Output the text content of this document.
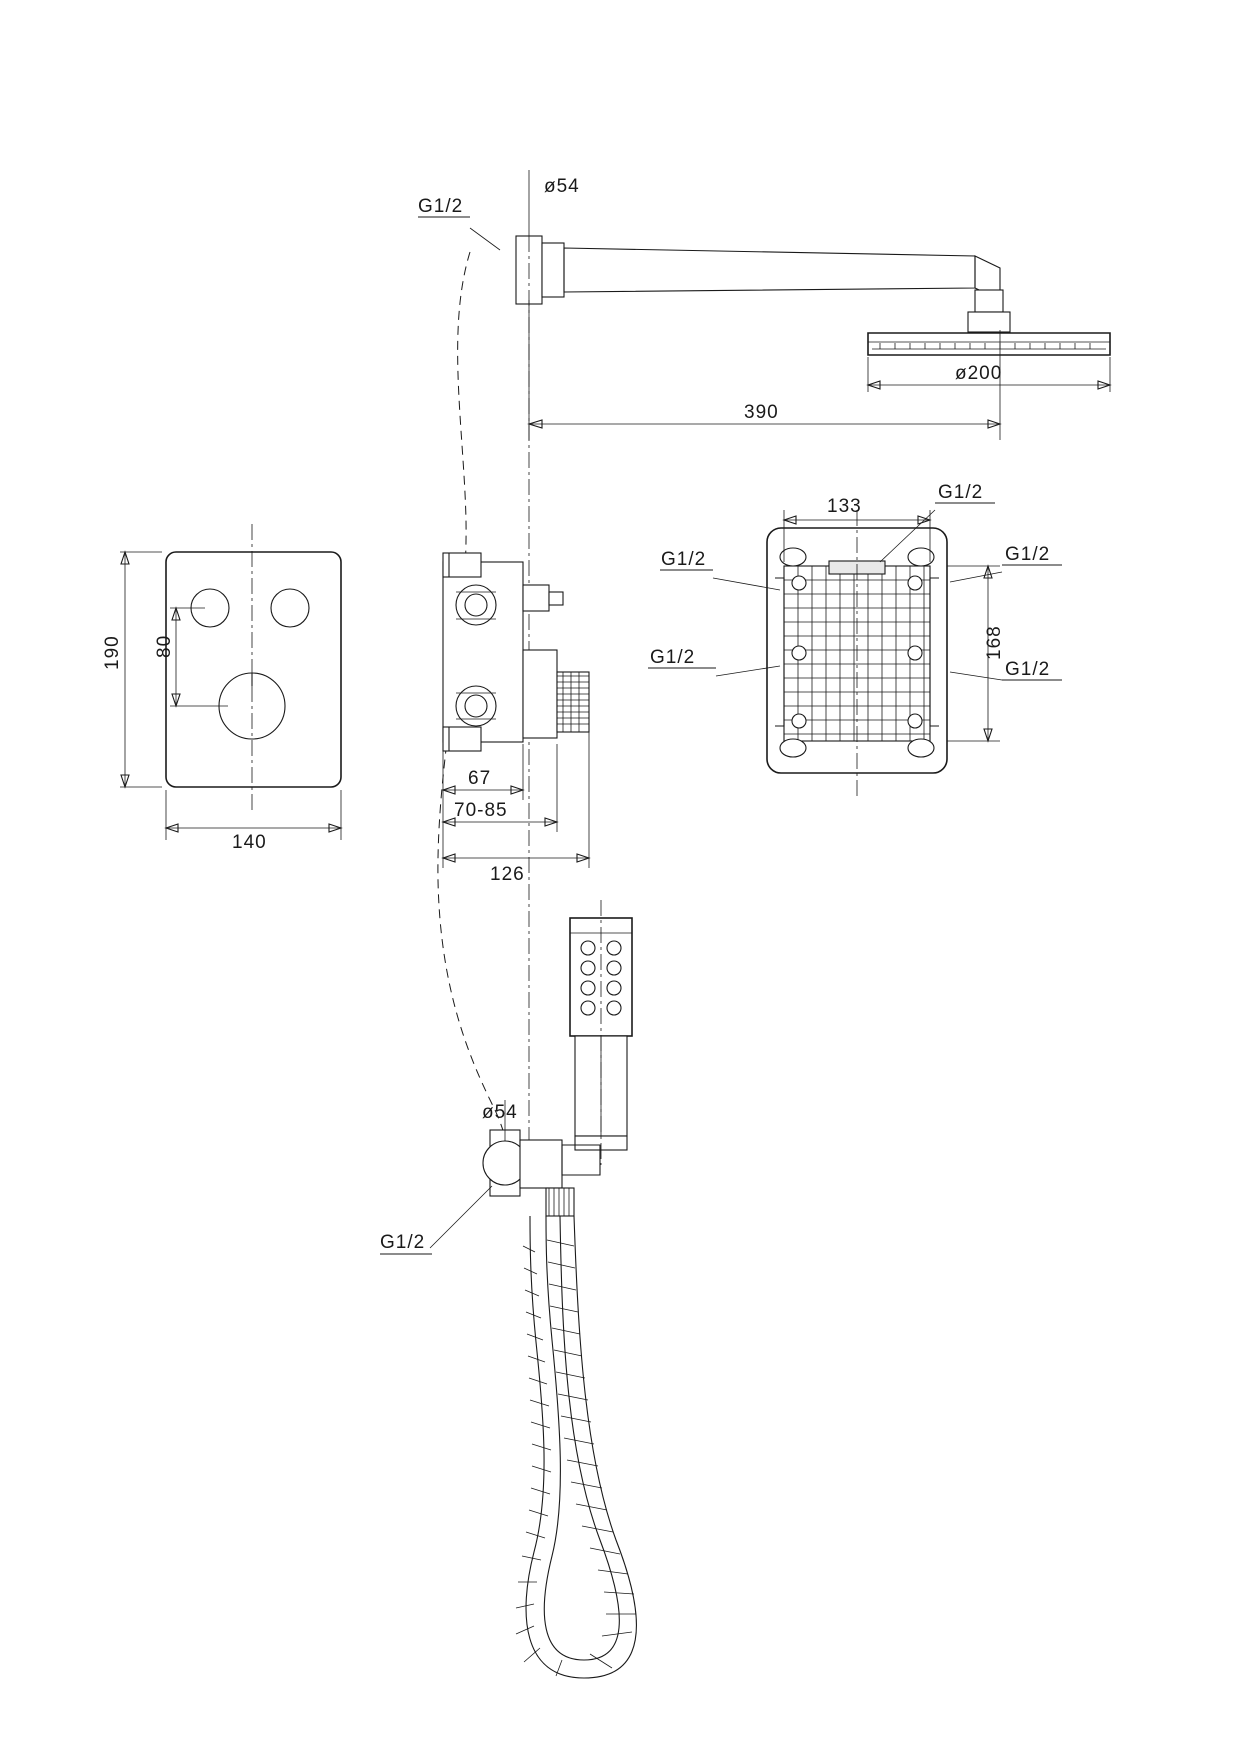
ø54
G1/2
ø200
390
133
168
G1/2
G1/2	G1/2
G1/2
G1/2
190 80
140
67
70-85
126
ø54
G1/2
